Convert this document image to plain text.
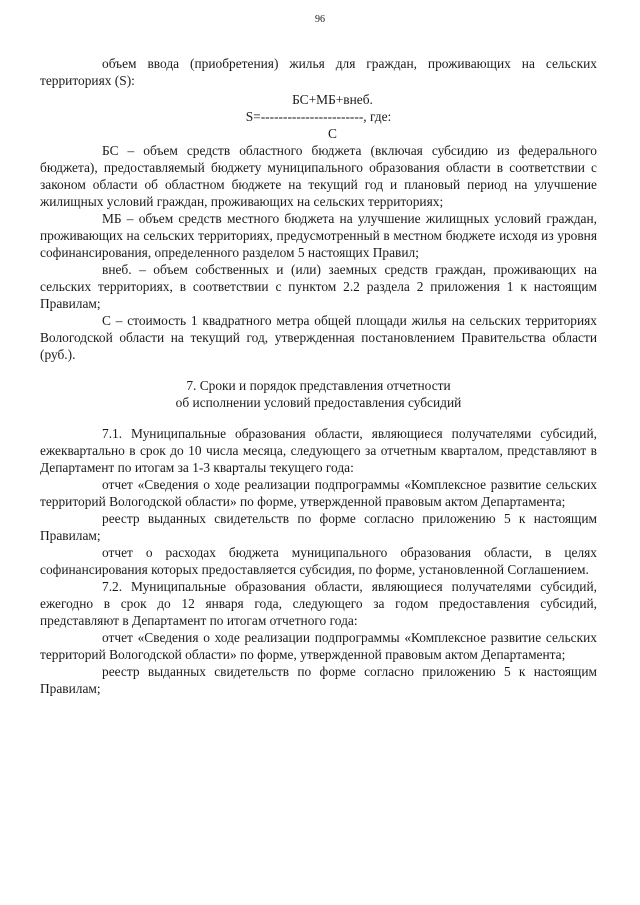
96

объем ввода (приобретения) жилья для граждан, проживающих на сельских территориях (S):

БС+МБ+внеб.
S=-----------------------, где:
С

БС – объем средств областного бюджета (включая субсидию из федерального бюджета), предоставляемый бюджету муниципального образования области в соответствии с законом области об областном бюджете на текущий год и плановый период на улучшение жилищных условий граждан, проживающих на сельских территориях;

МБ – объем средств местного бюджета на улучшение жилищных условий граждан, проживающих на сельских территориях, предусмотренный в местном бюджете исходя из уровня софинансирования, определенного разделом 5 настоящих Правил;

внеб. – объем собственных и (или) заемных средств граждан, проживающих на сельских территориях, в соответствии с пунктом 2.2 раздела 2 приложения 1 к настоящим Правилам;

С – стоимость 1 квадратного метра общей площади жилья на сельских территориях Вологодской области на текущий год, утвержденная постановлением Правительства области (руб.).

7. Сроки и порядок представления отчетности
об исполнении условий предоставления субсидий

7.1. Муниципальные образования области, являющиеся получателями субсидий, ежеквартально в срок до 10 числа месяца, следующего за отчетным кварталом, представляют в Департамент по итогам за 1-3 кварталы текущего года:

отчет «Сведения о ходе реализации подпрограммы «Комплексное развитие сельских территорий Вологодской области» по форме, утвержденной правовым актом Департамента;

реестр выданных свидетельств по форме согласно приложению 5 к настоящим Правилам;

отчет о расходах бюджета муниципального образования области, в целях софинансирования которых предоставляется субсидия, по форме, установленной Соглашением.

7.2. Муниципальные образования области, являющиеся получателями субсидий, ежегодно в срок до 12 января года, следующего за годом предоставления субсидий, представляют в Департамент по итогам отчетного года:

отчет «Сведения о ходе реализации подпрограммы «Комплексное развитие сельских территорий Вологодской области» по форме, утвержденной правовым актом Департамента;

реестр выданных свидетельств по форме согласно приложению 5 к настоящим Правилам;
